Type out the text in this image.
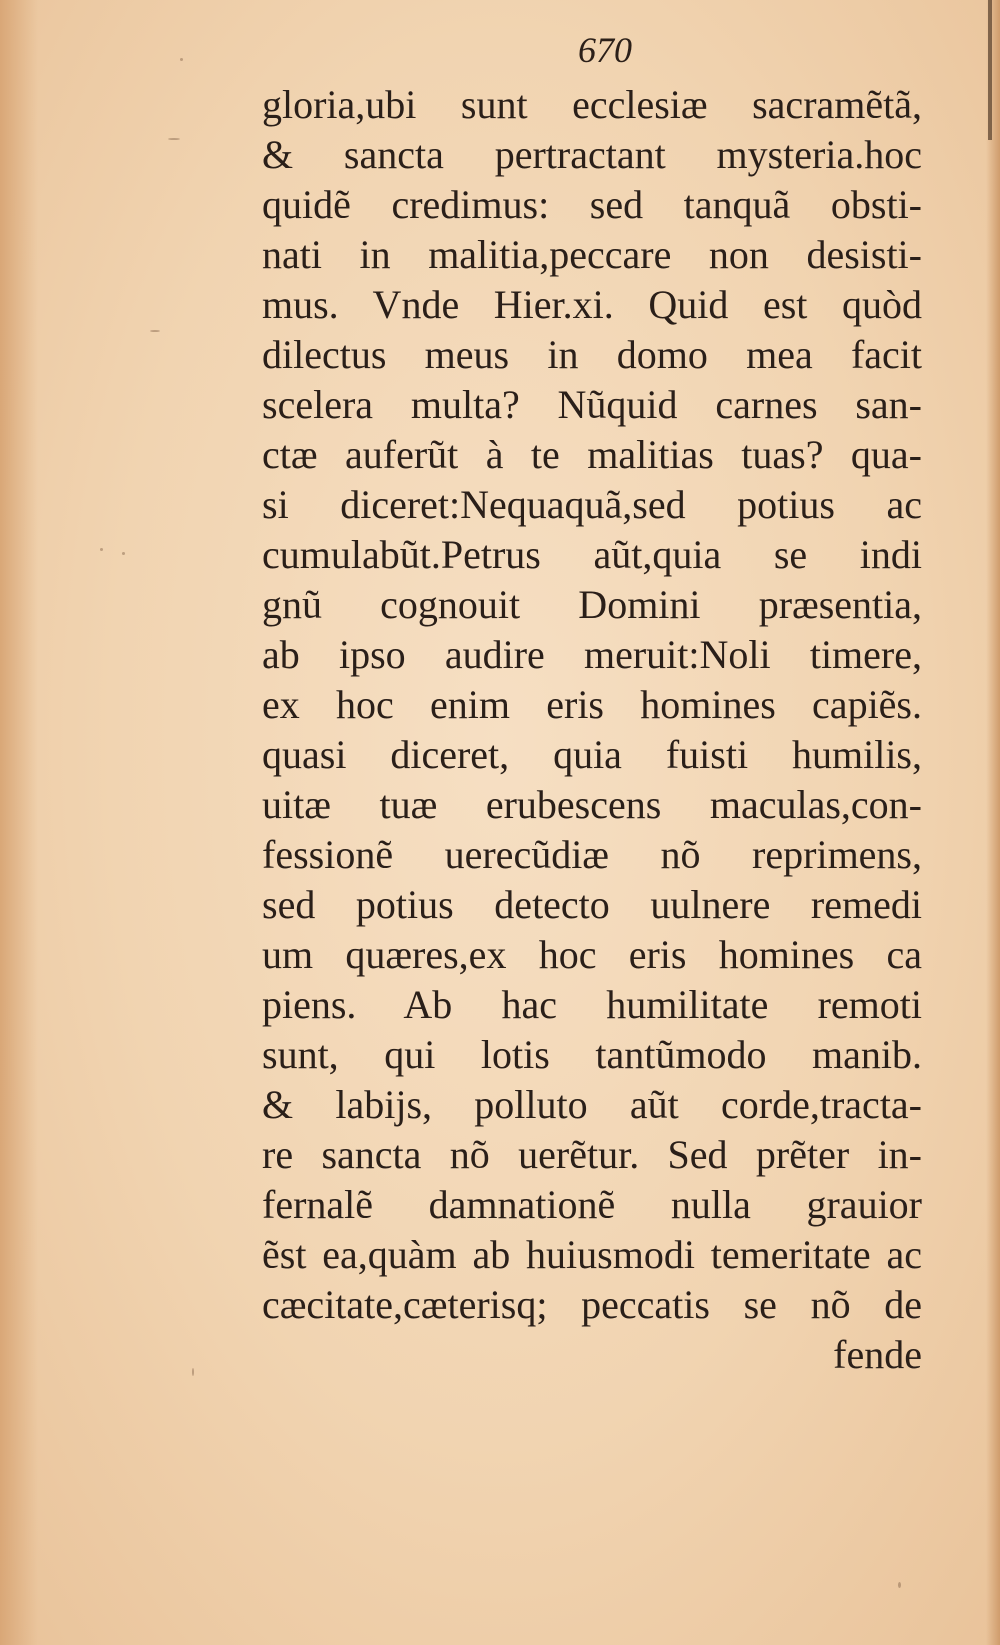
670
gloria,ubi sunt ecclesiæ sacramẽtã,
& sancta pertractant mysteria.hoc
quidẽ credimus: sed tanquã obsti-
nati in malitia,peccare non desisti-
mus. Vnde Hier.xi. Quid est quòd
dilectus meus in domo mea facit
scelera multa? Nũquid carnes san-
ctæ auferũt à te malitias tuas? qua-
si diceret:Nequaquã,sed potius ac
cumulabũt.Petrus aũt,quia se indi
gnũ cognouit Domini præsentia,
ab ipso audire meruit:Noli timere,
ex hoc enim eris homines capiẽs.
quasi diceret, quia fuisti humilis,
uitæ tuæ erubescens maculas,con-
fessionẽ uerecũdiæ nõ reprimens,
sed potius detecto uulnere remedi
um quæres,ex hoc eris homines ca
piens. Ab hac humilitate remoti
sunt, qui lotis tantũmodo manib.
& labijs, polluto aũt corde,tracta-
re sancta nõ uerẽtur. Sed prẽter in-
fernalẽ damnationẽ nulla grauior
ẽst ea,quàm ab huiusmodi temeritate ac
cæcitate,cæterisq; peccatis se nõ de
fende
